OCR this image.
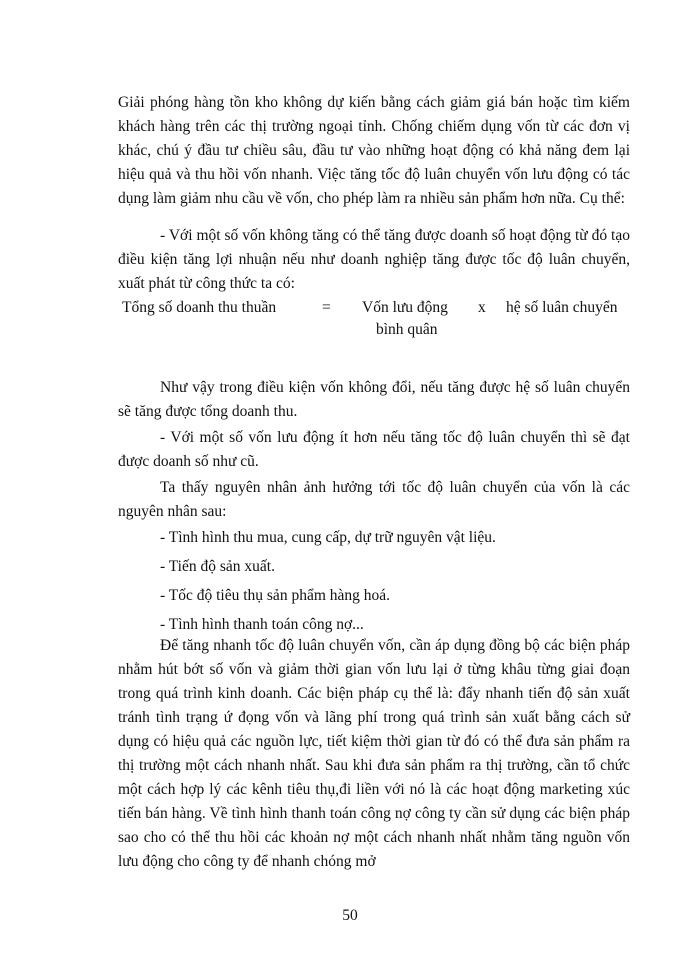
Giải phóng hàng tồn kho không dự kiến bằng cách giảm giá bán hoặc tìm kiếm khách hàng trên các thị trường ngoại tỉnh. Chống chiếm dụng vốn từ các đơn vị khác, chú ý đầu tư chiều sâu, đầu tư vào những hoạt động có khả năng đem lại hiệu quả và thu hồi vốn nhanh. Việc tăng tốc độ luân chuyển vốn lưu động có tác dụng làm giảm nhu cầu về vốn, cho phép làm ra nhiều sản phẩm hơn nữa. Cụ thể:

- Với một số vốn không tăng có thể tăng được doanh số hoạt động từ đó tạo điều kiện tăng lợi nhuận nếu như doanh nghiệp tăng được tốc độ luân chuyển, xuất phát từ công thức ta có:

Tổng số doanh thu thuần	= Vốn lưu động
bình quân
x hệ số luân chuyển

Như vậy trong điều kiện vốn không đổi, nếu tăng được hệ số luân chuyển sẽ tăng được tổng doanh thu.

- Với một số vốn lưu động ít hơn nếu tăng tốc độ luân chuyển thì sẽ đạt được doanh số như cũ.

Ta thấy nguyên nhân ảnh hưởng tới tốc độ luân chuyển của vốn là các nguyên nhân sau:

- Tình hình thu mua, cung cấp, dự trữ nguyên vật liệu.

- Tiến độ sản xuất.

- Tốc độ tiêu thụ sản phẩm hàng hoá.

- Tình hình thanh toán công nợ...

Để tăng nhanh tốc độ luân chuyển vốn, cần áp dụng đồng bộ các biện pháp nhằm hút bớt số vốn và giảm thời gian vốn lưu lại ở từng khâu từng giai đoạn trong quá trình kinh doanh. Các biện pháp cụ thể là: đẩy nhanh tiến độ sản xuất tránh tình trạng ứ đọng vốn và lãng phí trong quá trình sản xuất bằng cách sử dụng có hiệu quả các nguồn lực, tiết kiệm thời gian từ đó có thể đưa sản phẩm ra thị trường một cách nhanh nhất. Sau khi đưa sản phẩm ra thị trường, cần tổ chức một cách hợp lý các kênh tiêu thụ,đi liền với nó là các hoạt động marketing xúc tiến bán hàng. Về tình hình thanh toán công nợ công ty cần sử dụng các biện pháp sao cho có thể thu hồi các khoản nợ một cách nhanh nhất nhằm tăng nguồn vốn lưu động cho công ty để nhanh chóng mở

50
